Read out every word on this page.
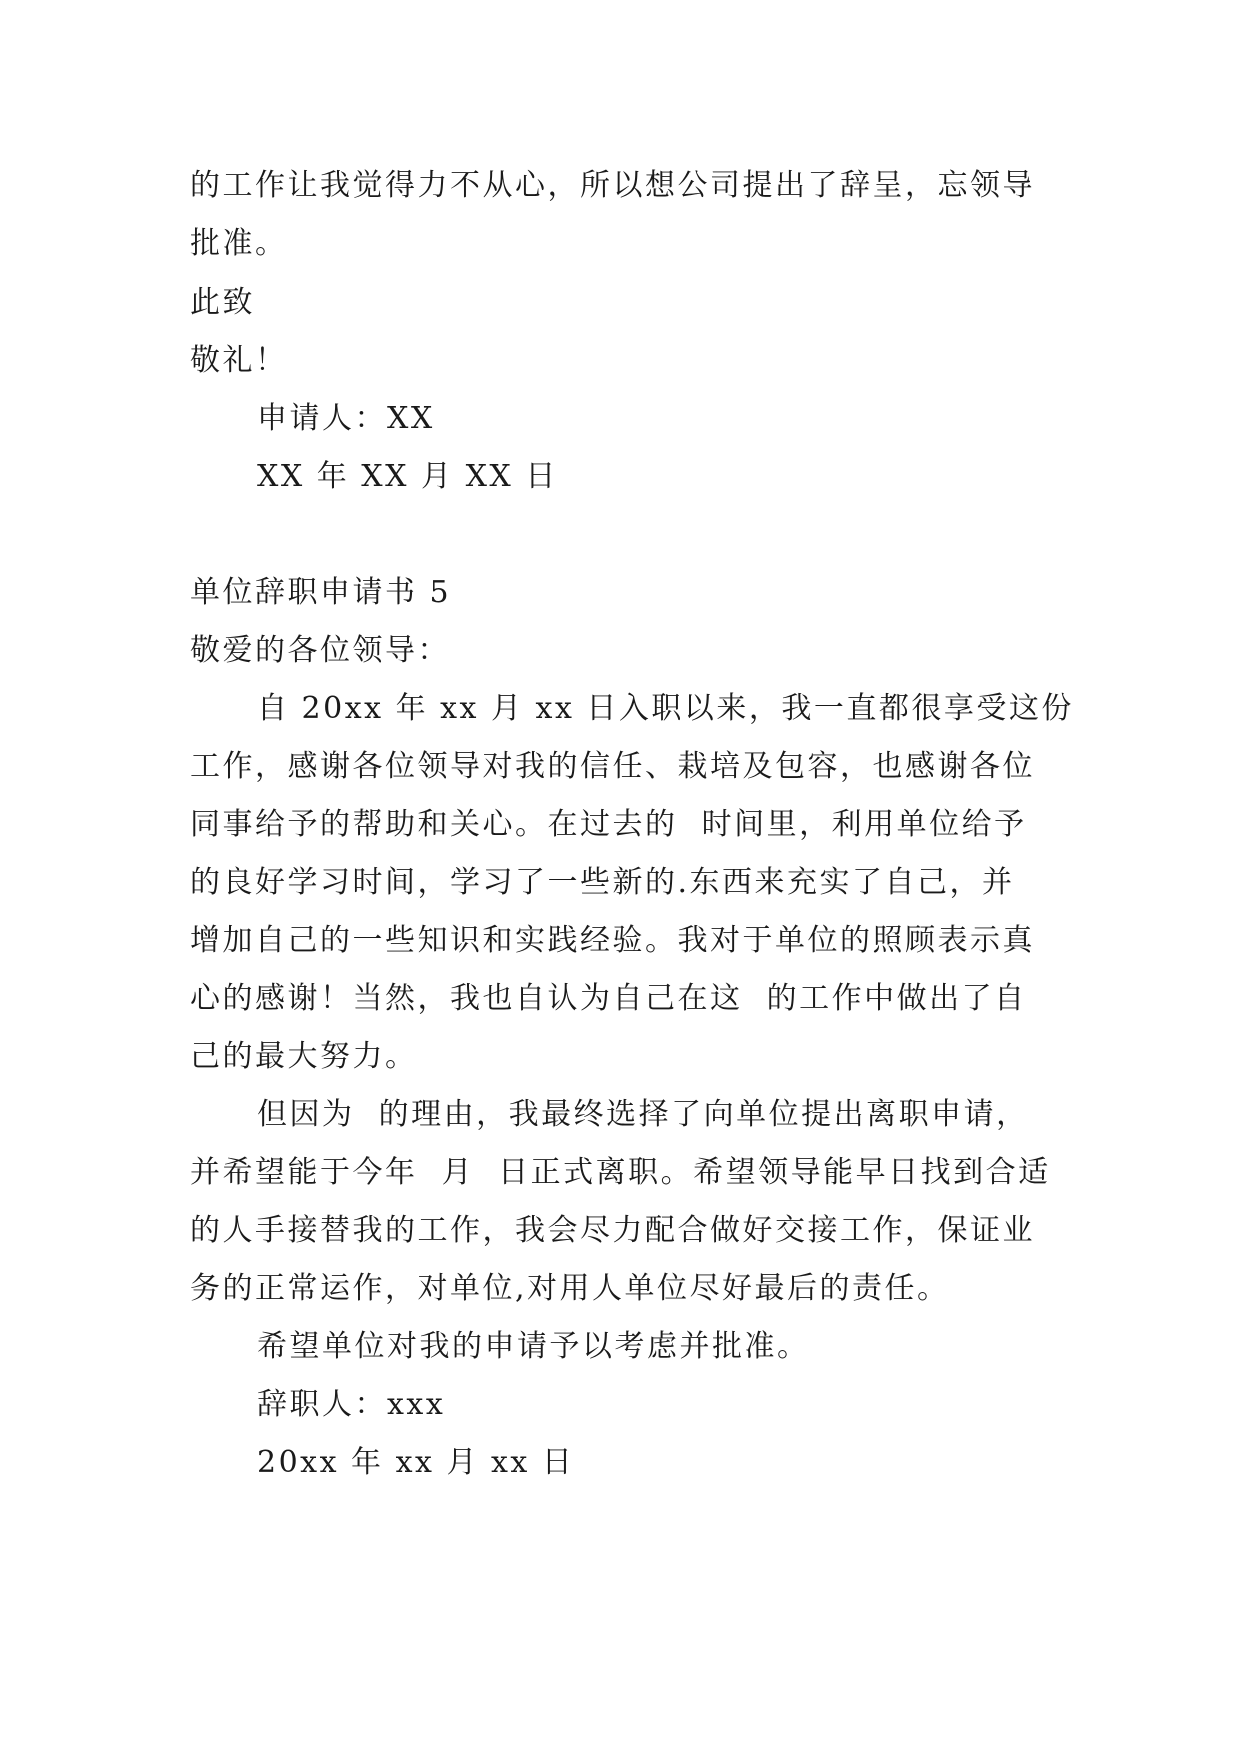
的工作让我觉得力不从心，所以想公司提出了辞呈，忘领导
批准。
此致
敬礼！
申请人：XX
XX 年 XX 月 XX 日
单位辞职申请书 5
敬爱的各位领导：
自 20xx 年 xx 月 xx 日入职以来，我一直都很享受这份
工作，感谢各位领导对我的信任、栽培及包容，也感谢各位
同事给予的帮助和关心。在过去的  时间里，利用单位给予
的良好学习时间，学习了一些新的.东西来充实了自己，并
增加自己的一些知识和实践经验。我对于单位的照顾表示真
心的感谢！当然，我也自认为自己在这  的工作中做出了自
己的最大努力。
但因为  的理由，我最终选择了向单位提出离职申请，
并希望能于今年  月  日正式离职。希望领导能早日找到合适
的人手接替我的工作，我会尽力配合做好交接工作，保证业
务的正常运作，对单位,对用人单位尽好最后的责任。
希望单位对我的申请予以考虑并批准。
辞职人：xxx
20xx 年 xx 月 xx 日
